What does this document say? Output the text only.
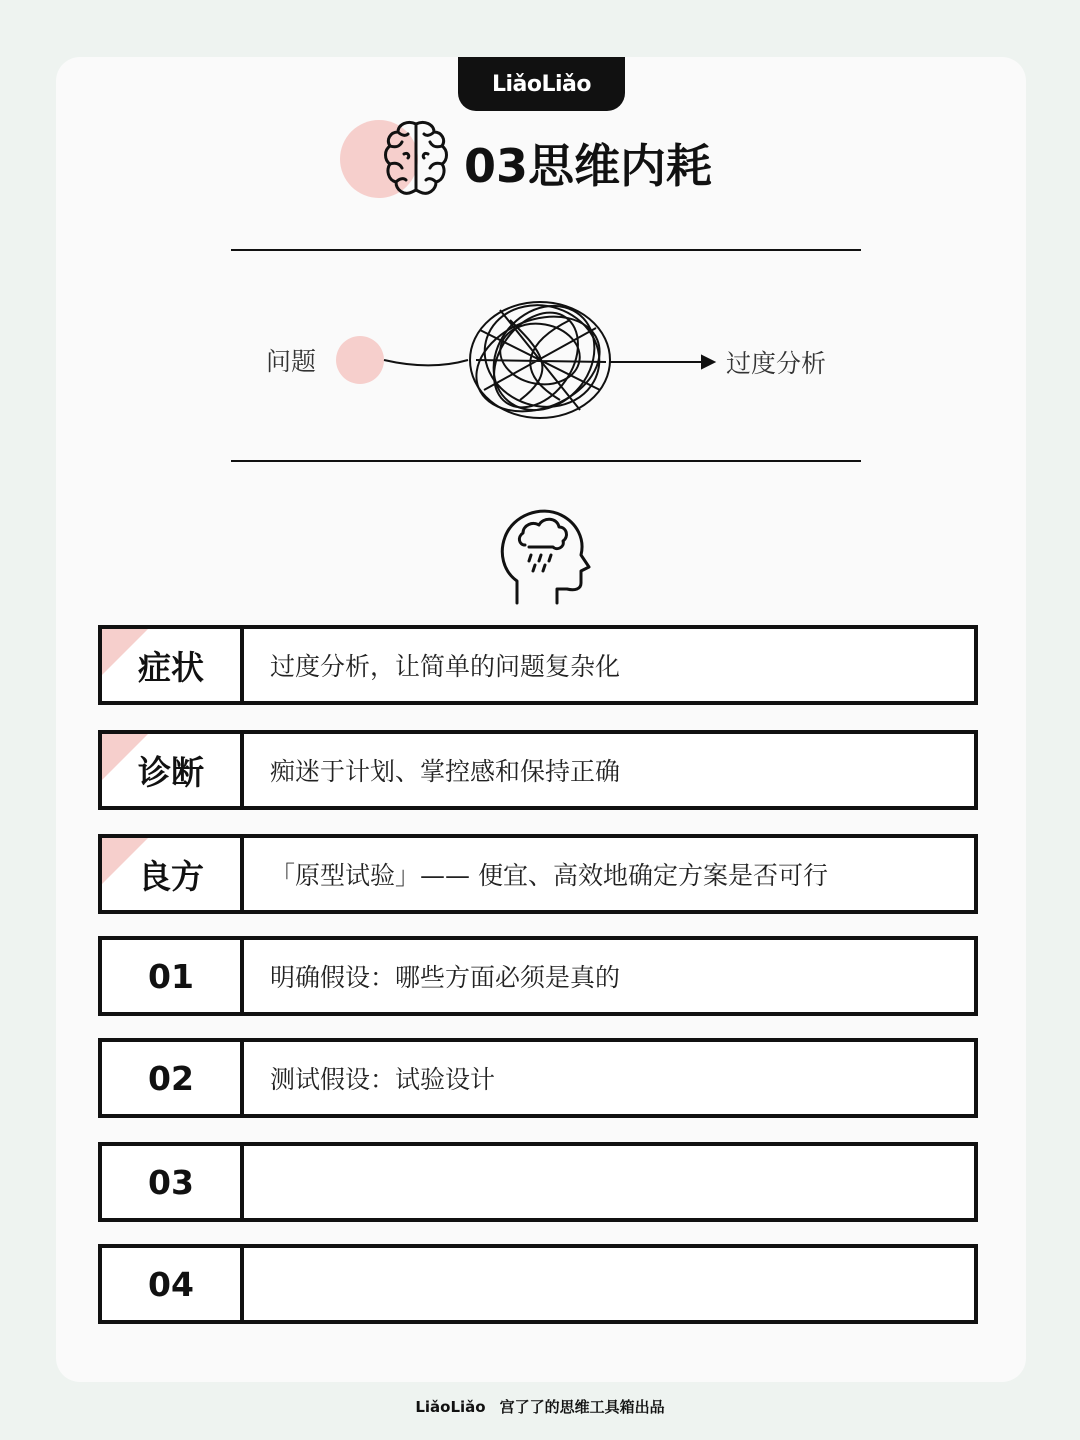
LiǎoLiǎo
03思维内耗
问题	过度分析
症状	过度分析，让简单的问题复杂化
诊断	痴迷于计划、掌控感和保持正确
良方	「原型试验」—— 便宜、高效地确定方案是否可行
01	明确假设：哪些方面必须是真的
02	测试假设：试验设计
03
04
LiǎoLiǎo 宫了了的思维工具箱出品
